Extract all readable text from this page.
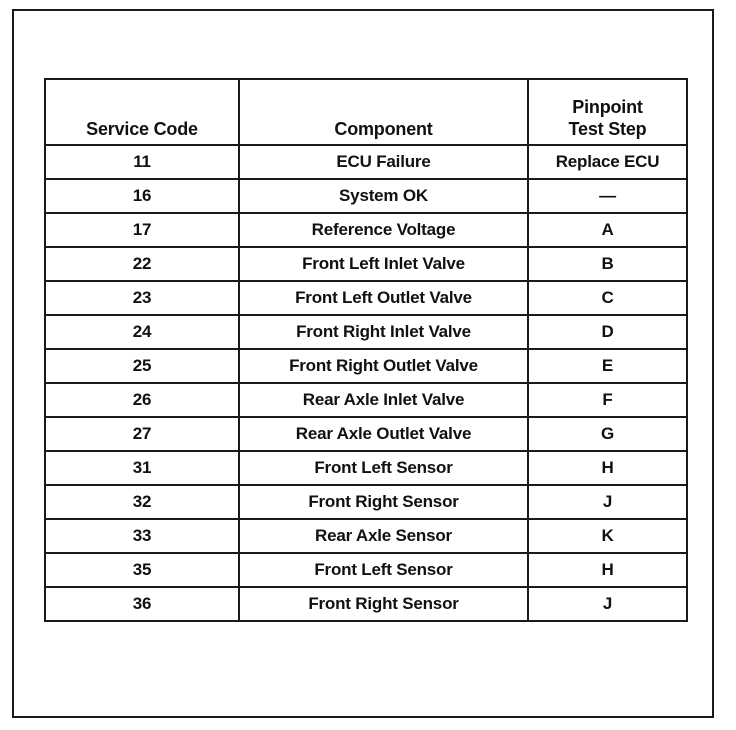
Service Code	Component	Pinpoint
Test Step

11	ECU Failure	Replace ECU
16	System OK	—
17	Reference Voltage	A
22	Front Left Inlet Valve	B
23	Front Left Outlet Valve	C
24	Front Right Inlet Valve	D
25	Front Right Outlet Valve	E
26	Rear Axle Inlet Valve	F
27	Rear Axle Outlet Valve	G
31	Front Left Sensor	H
32	Front Right Sensor	J
33	Rear Axle Sensor	K
35	Front Left Sensor	H
36	Front Right Sensor	J
